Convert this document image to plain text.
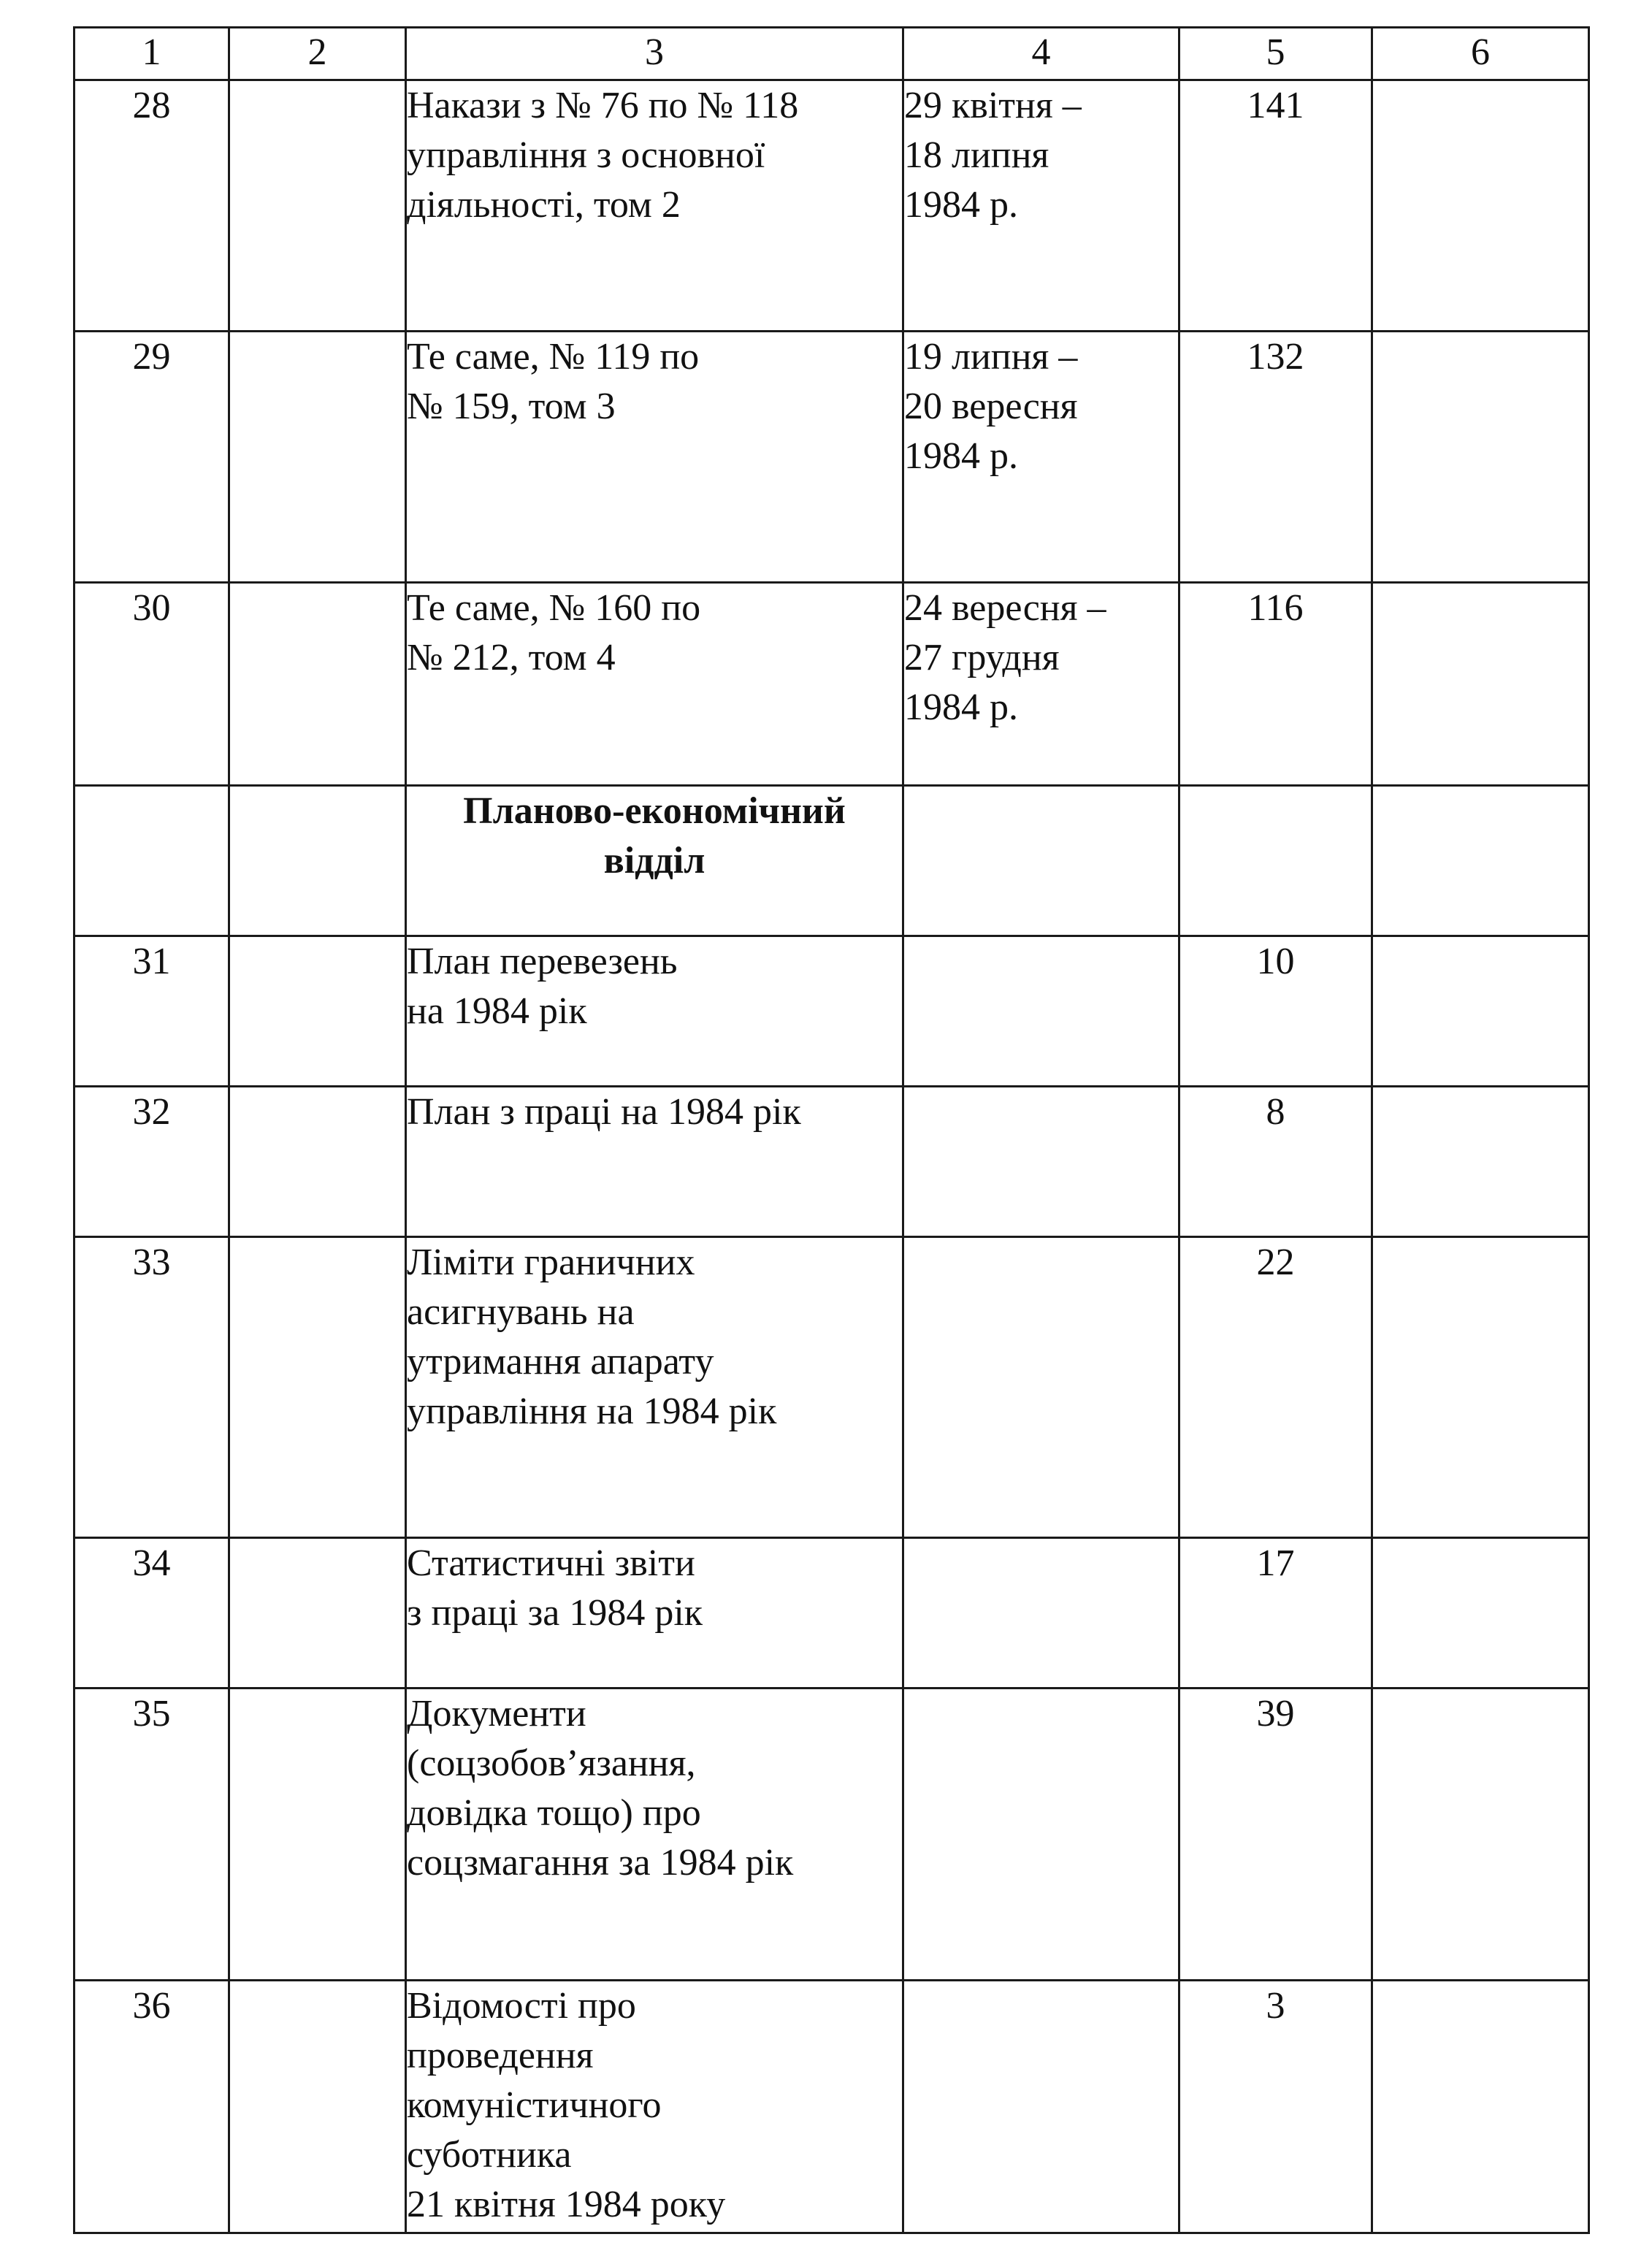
1	2	3	4	5	6
28		Накази з № 76 по № 118
управління з основної
діяльності, том 2	29 квітня –
18 липня
1984 р.	141	
29		Те саме, № 119 по
№ 159, том 3	19 липня –
20 вересня
1984 р.	132	
30		Те саме, № 160 по
№ 212, том 4	24 вересня –
27 грудня
1984 р.	116	

		Планово-економічний
відділ			

31		План перевезень
на 1984 рік		10	
32		План з праці на 1984 рік		8	
33		Ліміти граничних
асигнувань на
утримання апарату
управління на 1984 рік		22	
34		Статистичні звіти
з праці за 1984 рік		17	
35		Документи
(соцзобов’язання,
довідка тощо) про
соцзмагання за 1984 рік		39	
36		Відомості про
проведення
комуністичного
суботника
21 квітня 1984 року		3	
